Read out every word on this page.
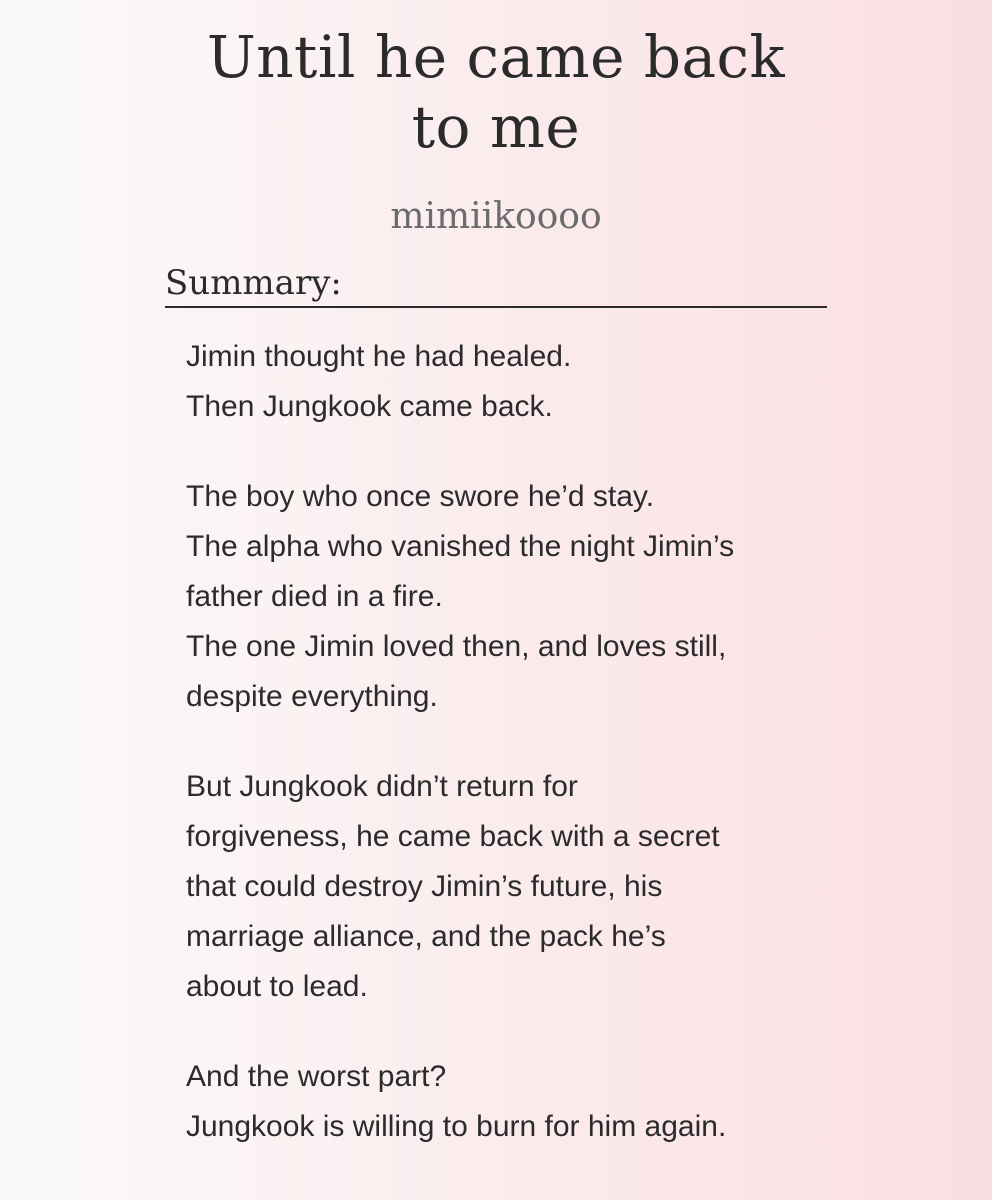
Until he came back
to me
mimiikoooo
Summary:

Jimin thought he had healed.
Then Jungkook came back.

The boy who once swore he’d stay.
The alpha who vanished the night Jimin’s
father died in a fire.
The one Jimin loved then, and loves still,
despite everything.

But Jungkook didn’t return for
forgiveness, he came back with a secret
that could destroy Jimin’s future, his
marriage alliance, and the pack he’s
about to lead.

And the worst part?
Jungkook is willing to burn for him again.
